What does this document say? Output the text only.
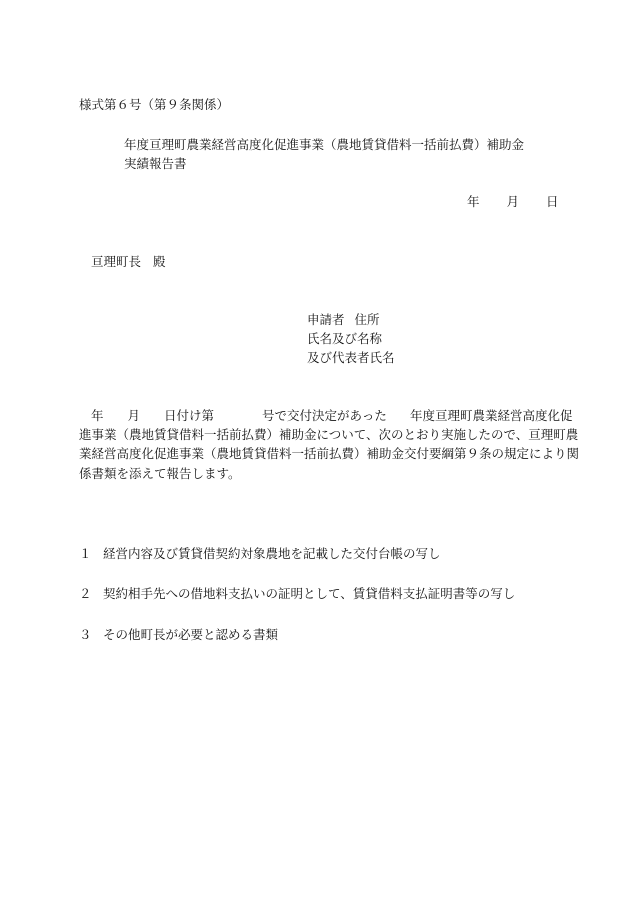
様式第６号（第９条関係）
年度亘理町農業経営高度化促進事業（農地賃貸借料一括前払費）補助金
実績報告書
年 月 日
亘理町長 殿
申請者 住所
氏名及び名称
及び代表者氏名
年 月 日付け第	号で交付決定があった 年度亘理町農業経営高度化促
進事業（農地賃貸借料一括前払費）補助金について、次のとおり実施したので、亘理町農
業経営高度化促進事業（農地賃貸借料一括前払費）補助金交付要綱第９条の規定により関
係書類を添えて報告します。
１ 経営内容及び賃貸借契約対象農地を記載した交付台帳の写し
２ 契約相手先への借地料支払いの証明として、賃貸借料支払証明書等の写し
３ その他町長が必要と認める書類
